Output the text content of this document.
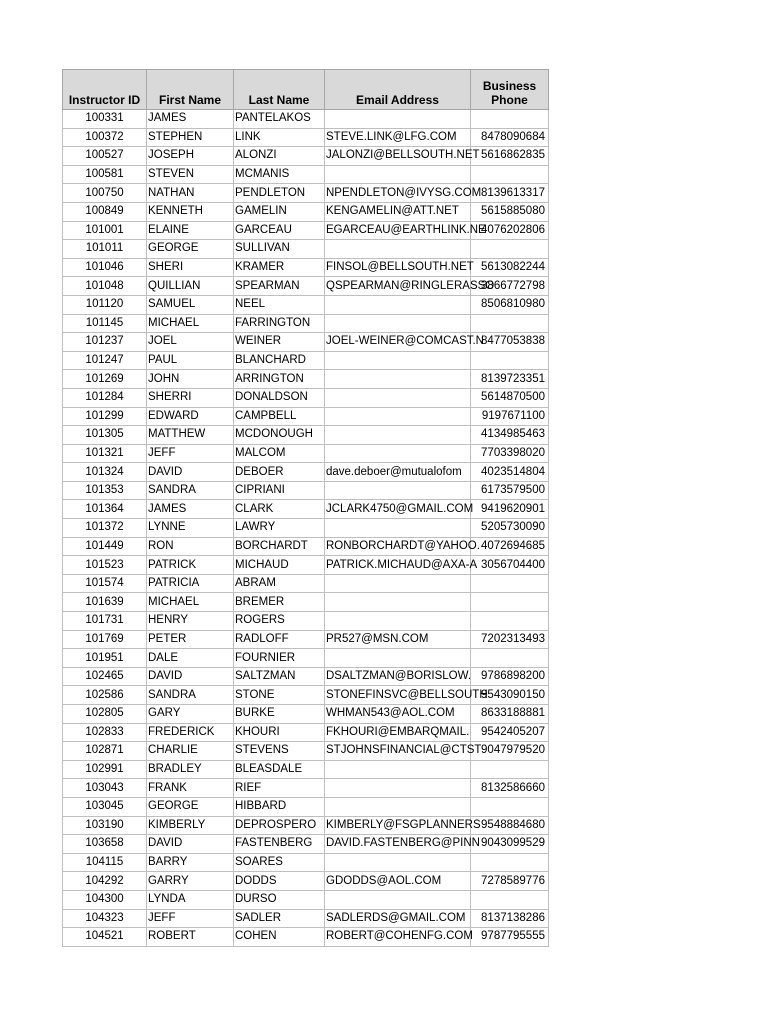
Instructor ID	First Name	Last Name	Email Address	Business
Phone

100331	JAMES	PANTELAKOS		
100372	STEPHEN	LINK	STEVE.LINK@LFG.COM	8478090684
100527	JOSEPH	ALONZI	JALONZI@BELLSOUTH.NET	5616862835
100581	STEVEN	MCMANIS		
100750	NATHAN	PENDLETON	NPENDLETON@IVYSG.COM	8139613317
100849	KENNETH	GAMELIN	KENGAMELIN@ATT.NET	5615885080
101001	ELAINE	GARCEAU	EGARCEAU@EARTHLINK.NE	4076202806
101011	GEORGE	SULLIVAN		
101046	SHERI	KRAMER	FINSOL@BELLSOUTH.NET	5613082244
101048	QUILLIAN	SPEARMAN	QSPEARMAN@RINGLERASSO	3866772798
101120	SAMUEL	NEEL		8506810980
101145	MICHAEL	FARRINGTON		
101237	JOEL	WEINER	JOEL-WEINER@COMCAST.N	8477053838
101247	PAUL	BLANCHARD		
101269	JOHN	ARRINGTON		8139723351
101284	SHERRI	DONALDSON		5614870500
101299	EDWARD	CAMPBELL		9197671100
101305	MATTHEW	MCDONOUGH		4134985463
101321	JEFF	MALCOM		7703398020
101324	DAVID	DEBOER	dave.deboer@mutualofom	4023514804
101353	SANDRA	CIPRIANI		6173579500
101364	JAMES	CLARK	JCLARK4750@GMAIL.COM	9419620901
101372	LYNNE	LAWRY		5205730090
101449	RON	BORCHARDT	RONBORCHARDT@YAHOO.	4072694685
101523	PATRICK	MICHAUD	PATRICK.MICHAUD@AXA-A	3056704400
101574	PATRICIA	ABRAM		
101639	MICHAEL	BREMER		
101731	HENRY	ROGERS		
101769	PETER	RADLOFF	PR527@MSN.COM	7202313493
101951	DALE	FOURNIER		
102465	DAVID	SALTZMAN	DSALTZMAN@BORISLOW.	9786898200
102586	SANDRA	STONE	STONEFINSVC@BELLSOUTH	9543090150
102805	GARY	BURKE	WHMAN543@AOL.COM	8633188881
102833	FREDERICK	KHOURI	FKHOURI@EMBARQMAIL.	9542405207
102871	CHARLIE	STEVENS	STJOHNSFINANCIAL@CTST	9047979520
102991	BRADLEY	BLEASDALE		
103043	FRANK	RIEF		8132586660
103045	GEORGE	HIBBARD		
103190	KIMBERLY	DEPROSPERO	KIMBERLY@FSGPLANNERS	9548884680
103658	DAVID	FASTENBERG	DAVID.FASTENBERG@PINN	9043099529
104115	BARRY	SOARES		
104292	GARRY	DODDS	GDODDS@AOL.COM	7278589776
104300	LYNDA	DURSO		
104323	JEFF	SADLER	SADLERDS@GMAIL.COM	8137138286
104521	ROBERT	COHEN	ROBERT@COHENFG.COM	9787795555
